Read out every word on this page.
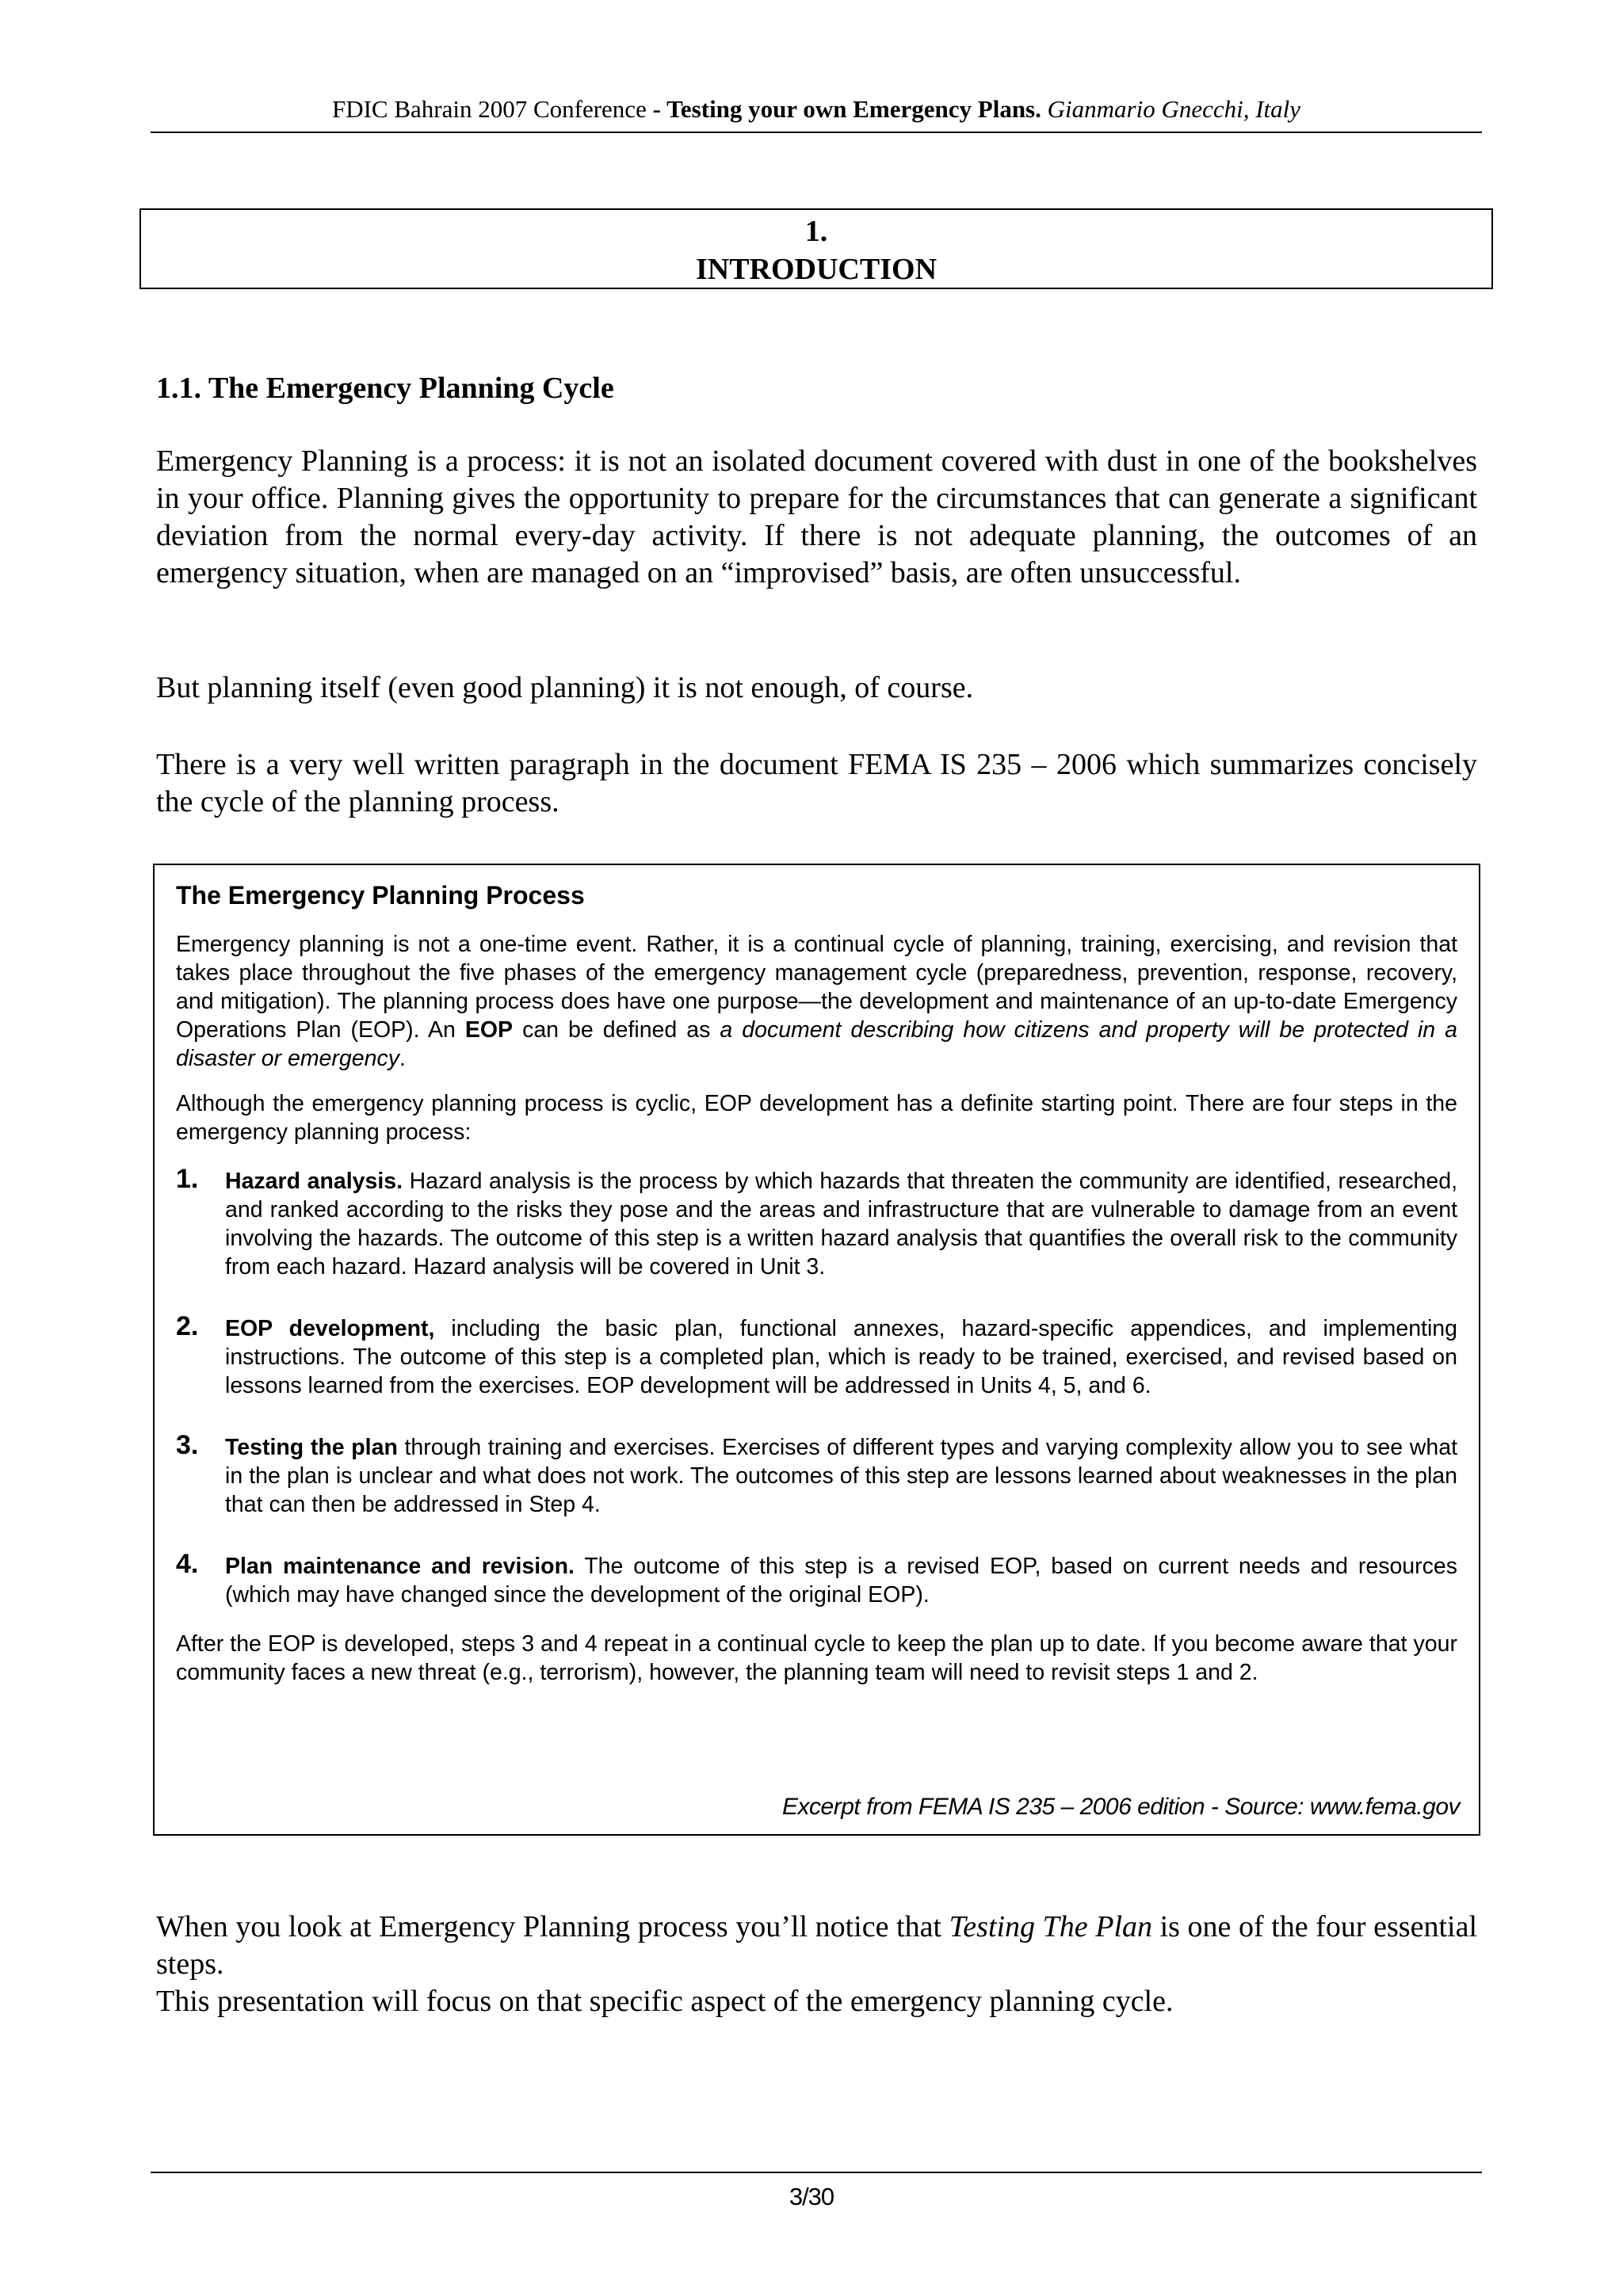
FDIC Bahrain 2007 Conference - Testing your own Emergency Plans. Gianmario Gnecchi, Italy
1.
INTRODUCTION
1.1. The Emergency Planning Cycle
Emergency Planning is a process: it is not an isolated document covered with dust in one of the bookshelves in your office. Planning gives the opportunity to prepare for the circumstances that can generate a significant deviation from the normal every-day activity. If there is not adequate planning, the outcomes of an emergency situation, when are managed on an “improvised” basis, are often unsuccessful.
But planning itself (even good planning) it is not enough, of course.
There is a very well written paragraph in the document FEMA IS 235 – 2006 which summarizes concisely the cycle of the planning process.
The Emergency Planning Process
Emergency planning is not a one-time event. Rather, it is a continual cycle of planning, training, exercising, and revision that takes place throughout the five phases of the emergency management cycle (preparedness, prevention, response, recovery, and mitigation). The planning process does have one purpose—the development and maintenance of an up-to-date Emergency Operations Plan (EOP). An EOP can be defined as a document describing how citizens and property will be protected in a disaster or emergency.
Although the emergency planning process is cyclic, EOP development has a definite starting point. There are four steps in the emergency planning process:
1. Hazard analysis. Hazard analysis is the process by which hazards that threaten the community are identified, researched, and ranked according to the risks they pose and the areas and infrastructure that are vulnerable to damage from an event involving the hazards. The outcome of this step is a written hazard analysis that quantifies the overall risk to the community from each hazard. Hazard analysis will be covered in Unit 3.
2. EOP development, including the basic plan, functional annexes, hazard-specific appendices, and implementing instructions. The outcome of this step is a completed plan, which is ready to be trained, exercised, and revised based on lessons learned from the exercises. EOP development will be addressed in Units 4, 5, and 6.
3. Testing the plan through training and exercises. Exercises of different types and varying complexity allow you to see what in the plan is unclear and what does not work. The outcomes of this step are lessons learned about weaknesses in the plan that can then be addressed in Step 4.
4. Plan maintenance and revision. The outcome of this step is a revised EOP, based on current needs and resources (which may have changed since the development of the original EOP).
After the EOP is developed, steps 3 and 4 repeat in a continual cycle to keep the plan up to date. If you become aware that your community faces a new threat (e.g., terrorism), however, the planning team will need to revisit steps 1 and 2.
Excerpt from FEMA IS 235 – 2006 edition - Source: www.fema.gov
When you look at Emergency Planning process you’ll notice that Testing The Plan is one of the four essential steps.
This presentation will focus on that specific aspect of the emergency planning cycle.
3/30
